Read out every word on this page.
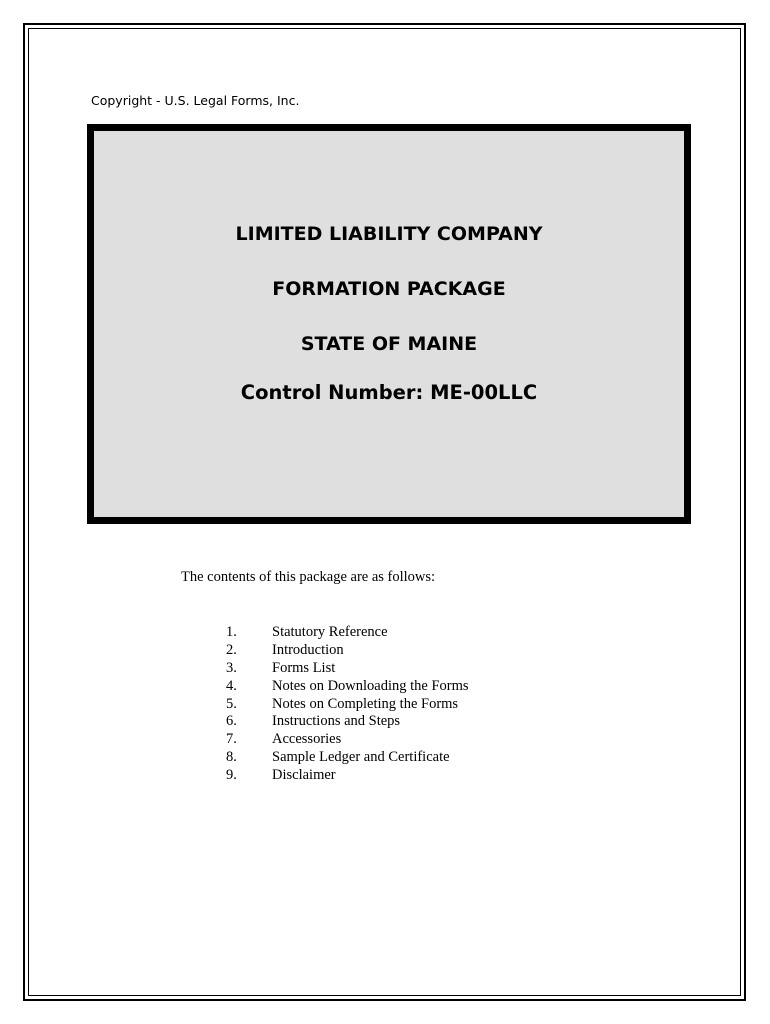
Copyright - U.S. Legal Forms, Inc.
LIMITED LIABILITY COMPANY
FORMATION PACKAGE
STATE OF MAINE
Control Number: ME-00LLC
The contents of this package are as follows:
1.	Statutory Reference
2.	Introduction
3.	Forms List
4.	Notes on Downloading the Forms
5.	Notes on Completing the Forms
6.	Instructions and Steps
7.	Accessories
8.	Sample Ledger and Certificate
9.	Disclaimer
